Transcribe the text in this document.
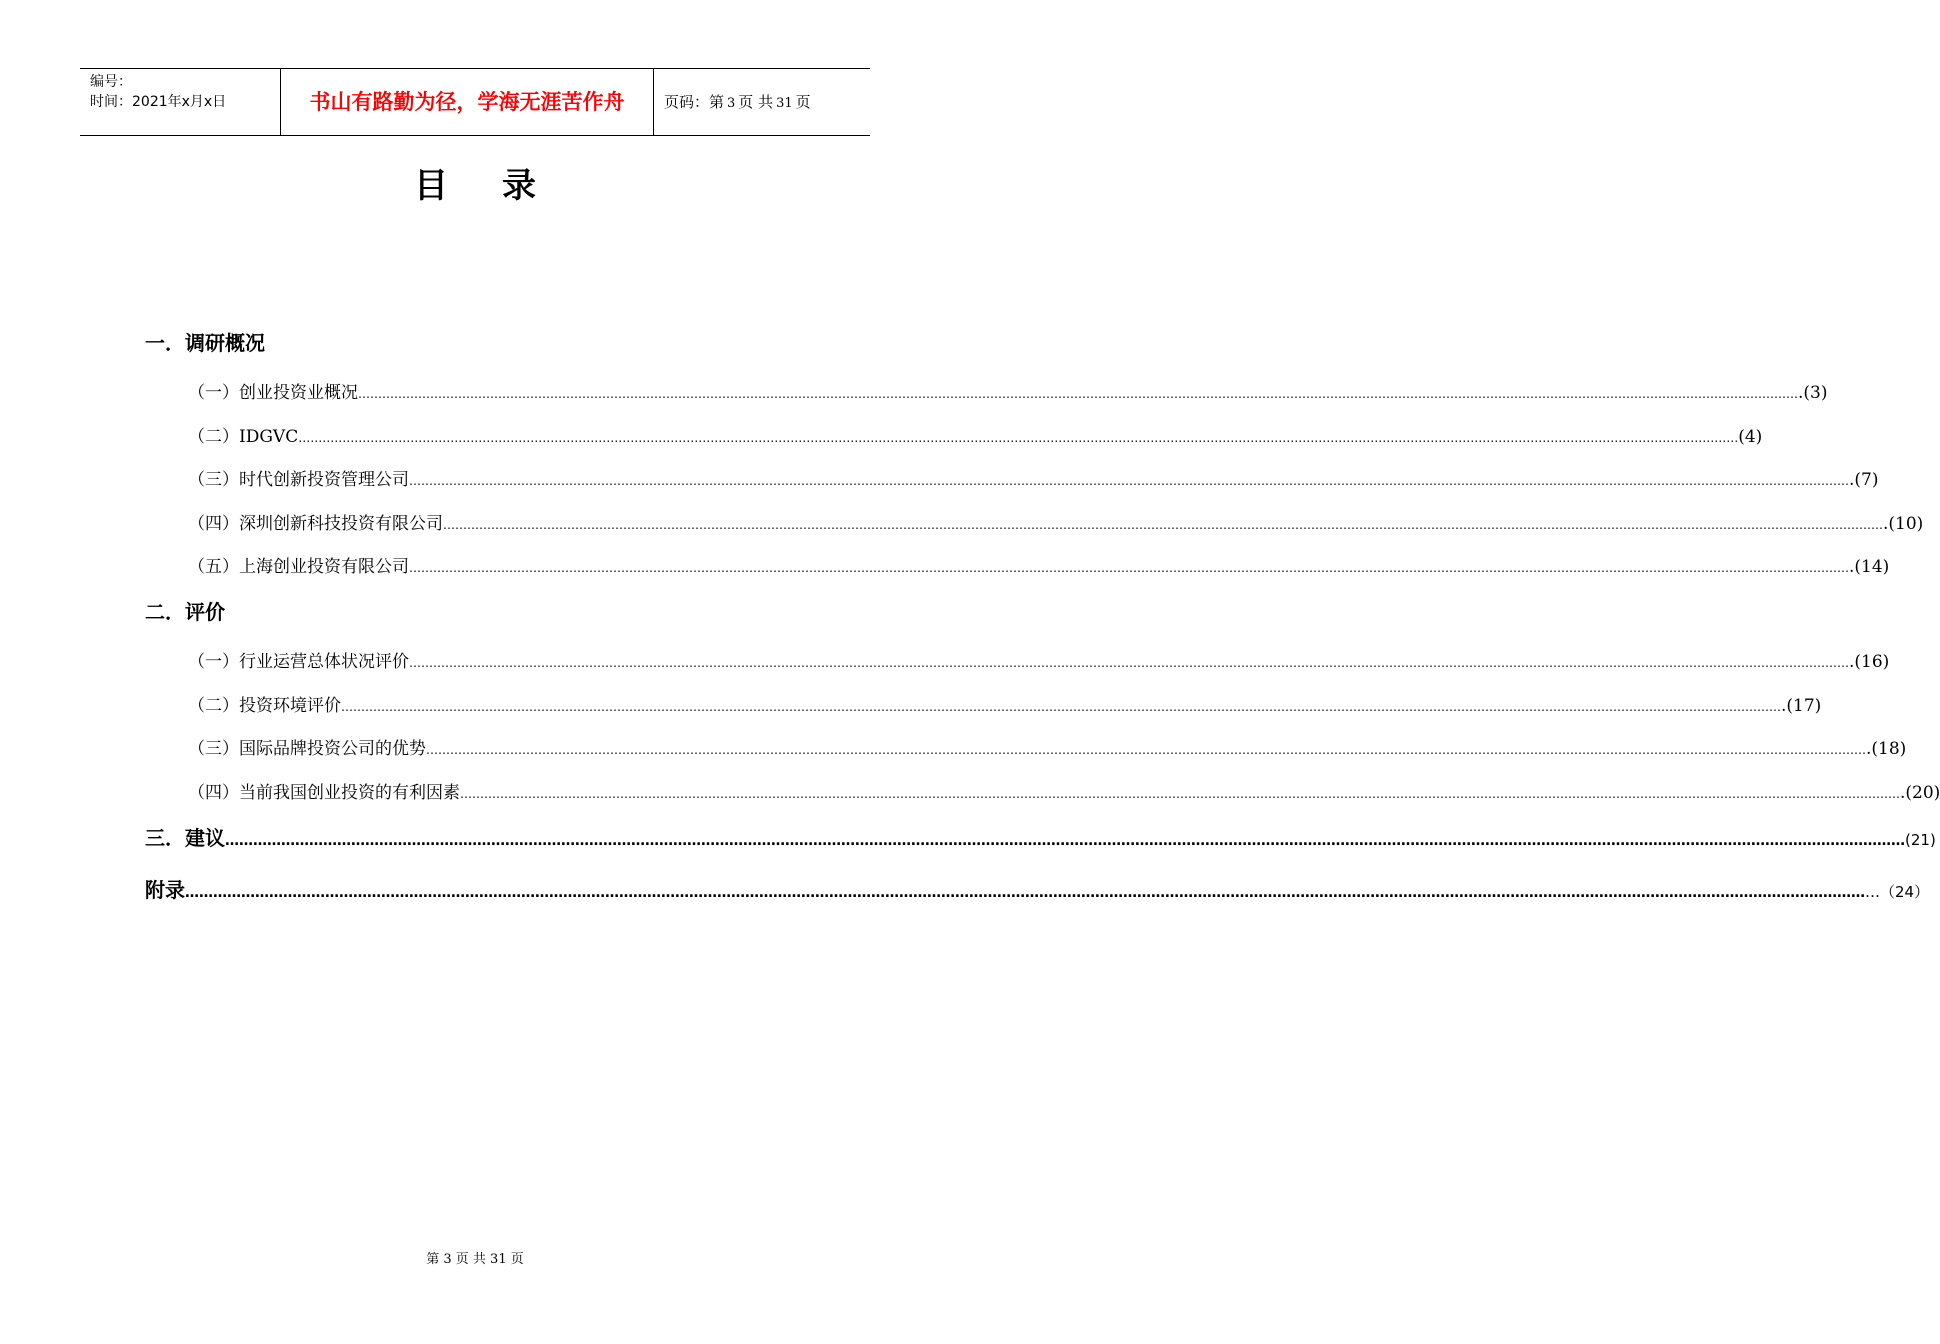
编号：
时间：2021年x月x日	书山有路勤为径，学海无涯苦作舟	页码：第 3 页 共 31 页
目 录
一．调研概况
（一）创业投资业概况 ……………………………………………………………………………………………………………………………………………………………………………………………………………………………………………………………………………………………………………………………… .(3)
（二）IDGVC ……………………………………………………………………………………………………………………………………………………………………………………………………………………………………………………………………………………………………………………………… (4)
（三）时代创新投资管理公司 ……………………………………………………………………………………………………………………………………………………………………………………………………………………………………………………………………………………………………………………………… .(7)
（四）深圳创新科技投资有限公司 ……………………………………………………………………………………………………………………………………………………………………………………………………………………………………………………………………………………………………………………………… .(10)
（五）上海创业投资有限公司 ……………………………………………………………………………………………………………………………………………………………………………………………………………………………………………………………………………………………………………………………… .(14)
二．评价
（一）行业运营总体状况评价 ……………………………………………………………………………………………………………………………………………………………………………………………………………………………………………………………………………………………………………………………… .(16)
（二）投资环境评价 ……………………………………………………………………………………………………………………………………………………………………………………………………………………………………………………………………………………………………………………………… .(17)
（三）国际品牌投资公司的优势 ……………………………………………………………………………………………………………………………………………………………………………………………………………………………………………………………………………………………………………………………… .(18)
（四）当前我国创业投资的有利因素 ……………………………………………………………………………………………………………………………………………………………………………………………………………………………………………………………………………………………………………………………… .(20)
三．建议 ……………………………………………………………………………………………………………………………………………………………………………………………………………………………………………………………………………………………………………………………… (21)
附录 ……………………………………………………………………………………………………………………………………………………………………………………………………………………………………………………………………………………………………………………………… …（24）
第 3 页 共 31 页
